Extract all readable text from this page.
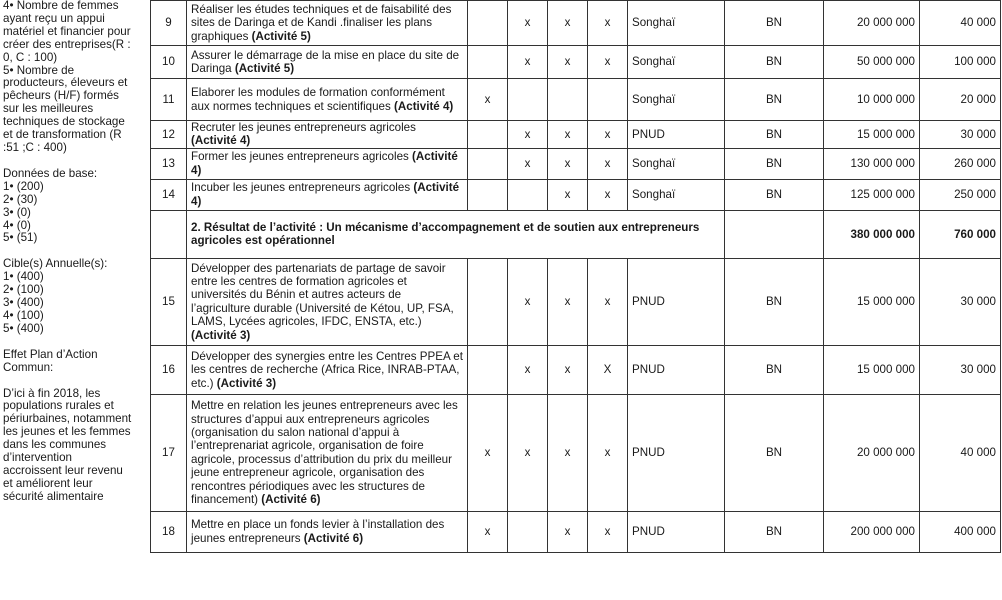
4• Nombre de femmes
ayant reçu un appui
matériel et financier pour
créer des entreprises(R :
0, C : 100)
5• Nombre de
producteurs, éleveurs et
pêcheurs (H/F) formés
sur les meilleures
techniques de stockage
et de transformation (R
:51 ;C : 400)
Données de base:
1• (200)
2• (30)
3• (0)
4• (0)
5• (51)
Cible(s) Annuelle(s):
1• (400)
2• (100)
3• (400)
4• (100)
5• (400)
Effet Plan d’Action
Commun:
D’ici à fin 2018, les
populations rurales et
périurbaines, notamment
les jeunes et les femmes
dans les communes
d’intervention
accroissent leur revenu
et améliorent leur
sécurité alimentaire
9	Réaliser les études techniques et de faisabilité des sites de Daringa et de Kandi .finaliser les plans graphiques (Activité 5)		x	x	x	Songhaï	BN	20 000 000	40 000
10	Assurer le démarrage de la mise en place du site de Daringa (Activité 5)		x	x	x	Songhaï	BN	50 000 000	100 000
11	Elaborer les modules de formation conformément aux normes techniques et scientifiques (Activité 4)	x				Songhaï	BN	10 000 000	20 000
12	Recruter les jeunes entrepreneurs agricoles (Activité 4)		x	x	x	PNUD	BN	15 000 000	30 000
13	Former les jeunes entrepreneurs agricoles (Activité 4)		x	x	x	Songhaï	BN	130 000 000	260 000
14	Incuber les jeunes entrepreneurs agricoles (Activité 4)			x	x	Songhaï	BN	125 000 000	250 000
	2. Résultat de l’activité : Un mécanisme d’accompagnement et de soutien aux entrepreneurs agricoles est opérationnel							380 000 000	760 000
15	Développer des partenariats de partage de savoir entre les centres de formation agricoles et universités du Bénin et autres acteurs de l’agriculture durable (Université de Kétou, UP, FSA, LAMS, Lycées agricoles, IFDC, ENSTA, etc.) (Activité 3)		x	x	x	PNUD	BN	15 000 000	30 000
16	Développer des synergies entre les Centres PPEA et les centres de recherche (Africa Rice, INRAB-PTAA, etc.) (Activité 3)		x	x	X	PNUD	BN	15 000 000	30 000
17	Mettre en relation les jeunes entrepreneurs avec les structures d’appui aux entrepreneurs agricoles (organisation du salon national d’appui à l’entreprenariat agricole, organisation de foire agricole, processus d’attribution du prix du meilleur jeune entrepreneur agricole, organisation des rencontres périodiques avec les structures de financement) (Activité 6)	x	x	x	x	PNUD	BN	20 000 000	40 000
18	Mettre en place un fonds levier à l’installation des jeunes entrepreneurs (Activité 6)	x		x	x	PNUD	BN	200 000 000	400 000
